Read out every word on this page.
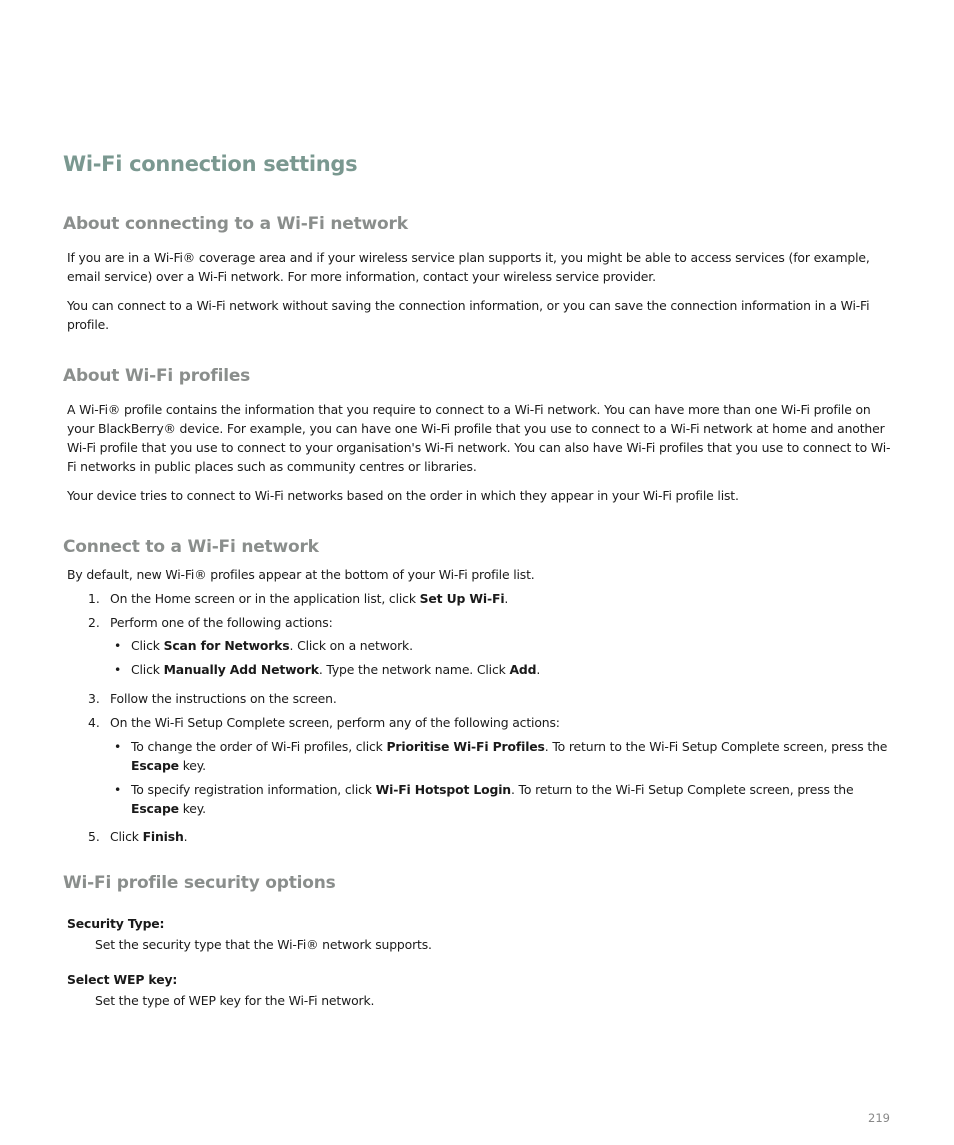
Wi-Fi connection settings
About connecting to a Wi-Fi network

If you are in a Wi-Fi® coverage area and if your wireless service plan supports it, you might be able to access services (for example, email service) over a Wi-Fi network. For more information, contact your wireless service provider.

You can connect to a Wi-Fi network without saving the connection information, or you can save the connection information in a Wi-Fi profile.

About Wi-Fi profiles

A Wi-Fi® profile contains the information that you require to connect to a Wi-Fi network. You can have more than one Wi-Fi profile on your BlackBerry® device. For example, you can have one Wi-Fi profile that you use to connect to a Wi-Fi network at home and another Wi-Fi profile that you use to connect to your organisation's Wi-Fi network. You can also have Wi-Fi profiles that you use to connect to Wi-Fi networks in public places such as community centres or libraries.

Your device tries to connect to Wi-Fi networks based on the order in which they appear in your Wi-Fi profile list.

Connect to a Wi-Fi network

By default, new Wi-Fi® profiles appear at the bottom of your Wi-Fi profile list.

1. On the Home screen or in the application list, click Set Up Wi-Fi.

2. Perform one of the following actions:

• Click Scan for Networks. Click on a network.

• Click Manually Add Network. Type the network name. Click Add.

3. Follow the instructions on the screen.

4. On the Wi-Fi Setup Complete screen, perform any of the following actions:

• To change the order of Wi-Fi profiles, click Prioritise Wi-Fi Profiles. To return to the Wi-Fi Setup Complete screen, press the

Escape key.

• To specify registration information, click Wi-Fi Hotspot Login. To return to the Wi-Fi Setup Complete screen, press the

Escape key.

5. Click Finish.

Wi-Fi profile security options

Security Type:

Set the security type that the Wi-Fi® network supports.

Select WEP key:

Set the type of WEP key for the Wi-Fi network.

219
